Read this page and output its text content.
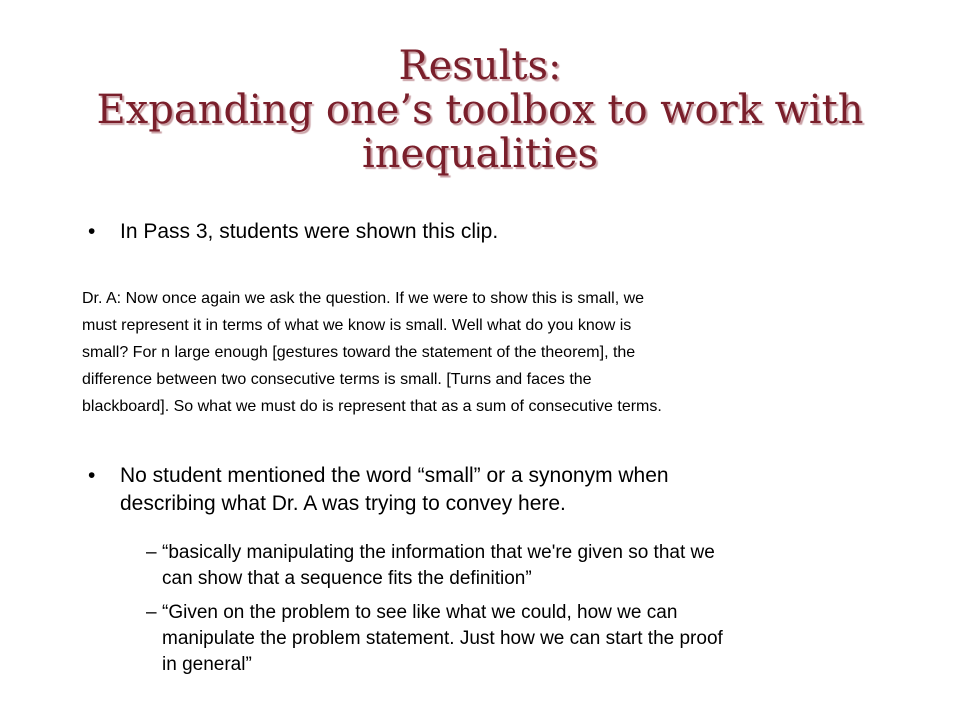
Results:
Expanding one’s toolbox to work with
inequalities
• In Pass 3, students were shown this clip.
Dr. A: Now once again we ask the question. If we were to show this is small, we
must represent it in terms of what we know is small. Well what do you know is
small? For n large enough [gestures toward the statement of the theorem], the
difference between two consecutive terms is small. [Turns and faces the
blackboard]. So what we must do is represent that as a sum of consecutive terms.
• No student mentioned the word “small” or a synonym when
describing what Dr. A was trying to convey here.
– “basically manipulating the information that we're given so that we
can show that a sequence fits the definition”
– “Given on the problem to see like what we could, how we can
manipulate the problem statement. Just how we can start the proof
in general”
